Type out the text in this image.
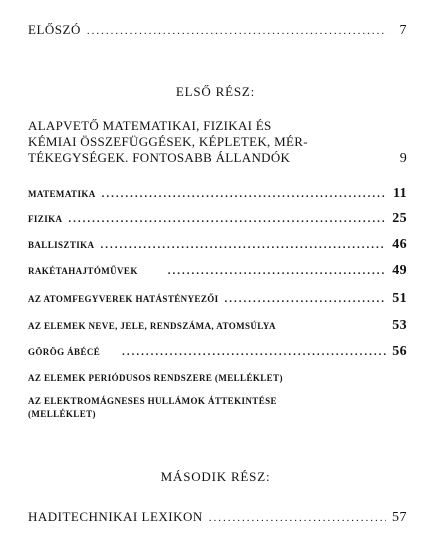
ELŐSZÓ .....	7
ELSŐ RÉSZ:
ALAPVETŐ MATEMATIKAI, FIZIKAI ÉS
KÉMIAI ÖSSZEFÜGGÉSEK, KÉPLETEK, MÉR-
TÉKEGYSÉGEK. FONTOSABB ÁLLANDÓK	9
MATEMATIKA .....	11
FIZIKA .....	25
BALLISZTIKA .....	46
RAKÉTAHAJTÓMŰVEK .....	49
AZ ATOMFEGYVEREK HATÁSTÉNYEZŐI .....	51
AZ ELEMEK NEVE, JELE, RENDSZÁMA, ATOMSÚLYA	53
GÖRÖG ÁBÉCÉ .....	56
AZ ELEMEK PERIÓDUSOS RENDSZERE (MELLÉKLET)
AZ ELEKTROMÁGNESES HULLÁMOK ÁTTEKINTÉSE
(MELLÉKLET)
MÁSODIK RÉSZ:
HADITECHNIKAI LEXIKON .....	57
